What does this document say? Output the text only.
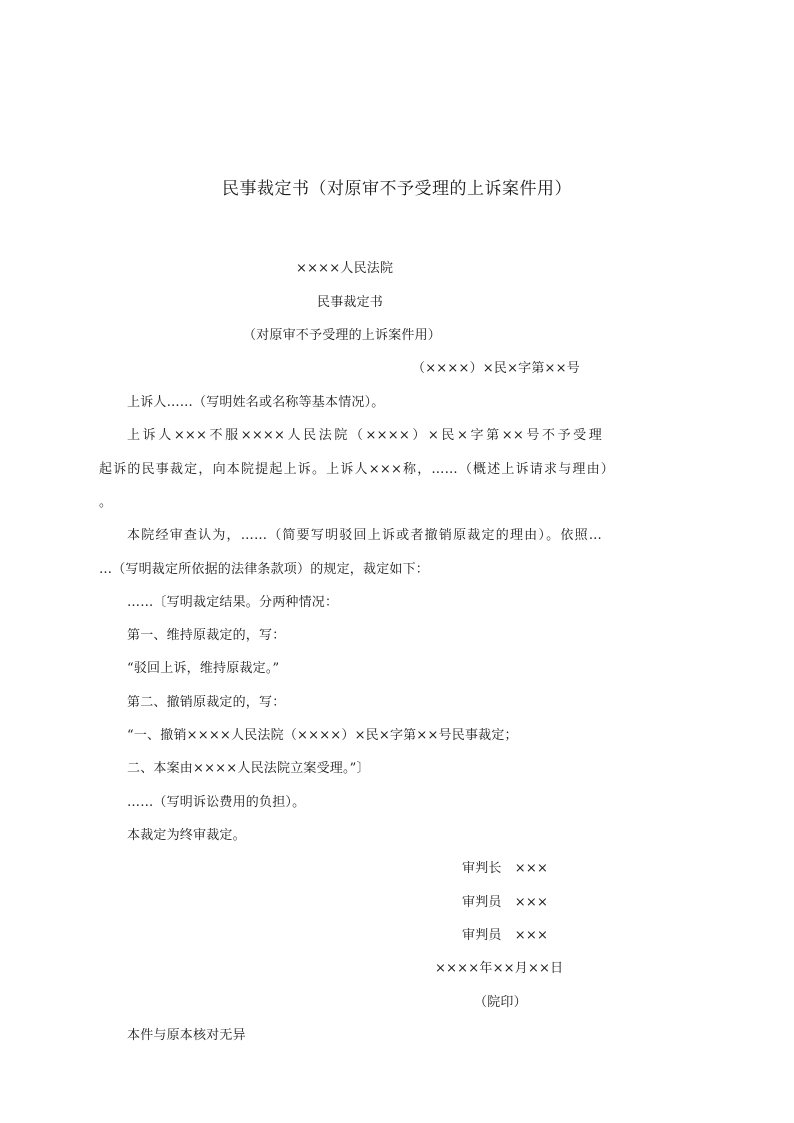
民事裁定书（对原审不予受理的上诉案件用）
××××人民法院
民事裁定书
（对原审不予受理的上诉案件用）
（××××）×民×字第××号
上诉人……（写明姓名或名称等基本情况）。
上诉人×××不服××××人民法院（××××）×民×字第××号不予受理
起诉的民事裁定，向本院提起上诉。上诉人×××称，……（概述上诉请求与理由）
。
本院经审查认为，……（简要写明驳回上诉或者撤销原裁定的理由）。依照…
…（写明裁定所依据的法律条款项）的规定，裁定如下：
……〔写明裁定结果。分两种情况：
第一、维持原裁定的，写：
“驳回上诉，维持原裁定。”
第二、撤销原裁定的，写：
“一、撤销××××人民法院（××××）×民×字第××号民事裁定；
二、本案由××××人民法院立案受理。”〕
……（写明诉讼费用的负担）。
本裁定为终审裁定。
审判长　×××
审判员　×××
审判员　×××
××××年××月××日
（院印）
本件与原本核对无异
